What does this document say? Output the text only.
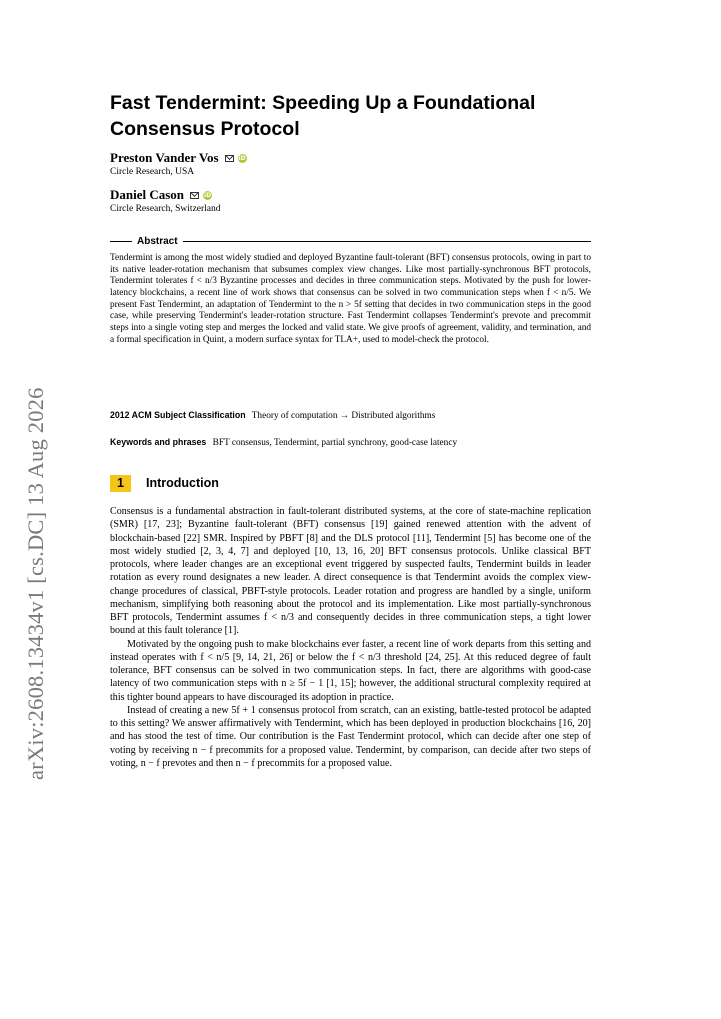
arXiv:2608.13434v1 [cs.DC] 13 Aug 2026
Fast Tendermint: Speeding Up a Foundational Consensus Protocol
Preston Vander Vos	iD
Circle Research, USA
Daniel Cason	iD
Circle Research, Switzerland
Abstract
Tendermint is among the most widely studied and deployed Byzantine fault-tolerant (BFT) consensus protocols, owing in part to its native leader-rotation mechanism that subsumes complex view changes. Like most partially-synchronous BFT protocols, Tendermint tolerates f < n/3 Byzantine processes and decides in three communication steps. Motivated by the push for lower-latency blockchains, a recent line of work shows that consensus can be solved in two communication steps when f < n/5. We present Fast Tendermint, an adaptation of Tendermint to the n > 5f setting that decides in two communication steps in the good case, while preserving Tendermint's leader-rotation structure. Fast Tendermint collapses Tendermint's prevote and precommit steps into a single voting step and merges the locked and valid state. We give proofs of agreement, validity, and termination, and a formal specification in Quint, a modern surface syntax for TLA+, used to model-check the protocol.
2012 ACM Subject Classification Theory of computation → Distributed algorithms
Keywords and phrases BFT consensus, Tendermint, partial synchrony, good-case latency
1	Introduction

Consensus is a fundamental abstraction in fault-tolerant distributed systems, at the core of state-machine replication (SMR) [17, 23]; Byzantine fault-tolerant (BFT) consensus [19] gained renewed attention with the advent of blockchain-based [22] SMR. Inspired by PBFT [8] and the DLS protocol [11], Tendermint [5] has become one of the most widely studied [2, 3, 4, 7] and deployed [10, 13, 16, 20] BFT consensus protocols. Unlike classical BFT protocols, where leader changes are an exceptional event triggered by suspected faults, Tendermint builds in leader rotation as every round designates a new leader. A direct consequence is that Tendermint avoids the complex view-change procedures of classical, PBFT-style protocols. Leader rotation and progress are handled by a single, uniform mechanism, simplifying both reasoning about the protocol and its implementation. Like most partially-synchronous BFT protocols, Tendermint assumes f < n/3 and consequently decides in three communication steps, a tight lower bound at this fault tolerance [1].

Motivated by the ongoing push to make blockchains ever faster, a recent line of work departs from this setting and instead operates with f < n/5 [9, 14, 21, 26] or below the f < n/3 threshold [24, 25]. At this reduced degree of fault tolerance, BFT consensus can be solved in two communication steps. In fact, there are algorithms with good-case latency of two communication steps with n ≥ 5f − 1 [1, 15]; however, the additional structural complexity required at this tighter bound appears to have discouraged its adoption in practice.

Instead of creating a new 5f + 1 consensus protocol from scratch, can an existing, battle-tested protocol be adapted to this setting? We answer affirmatively with Tendermint, which has been deployed in production blockchains [16, 20] and has stood the test of time. Our contribution is the Fast Tendermint protocol, which can decide after one step of voting by receiving n − f precommits for a proposed value. Tendermint, by comparison, can decide after two steps of voting, n − f prevotes and then n − f precommits for a proposed value.
